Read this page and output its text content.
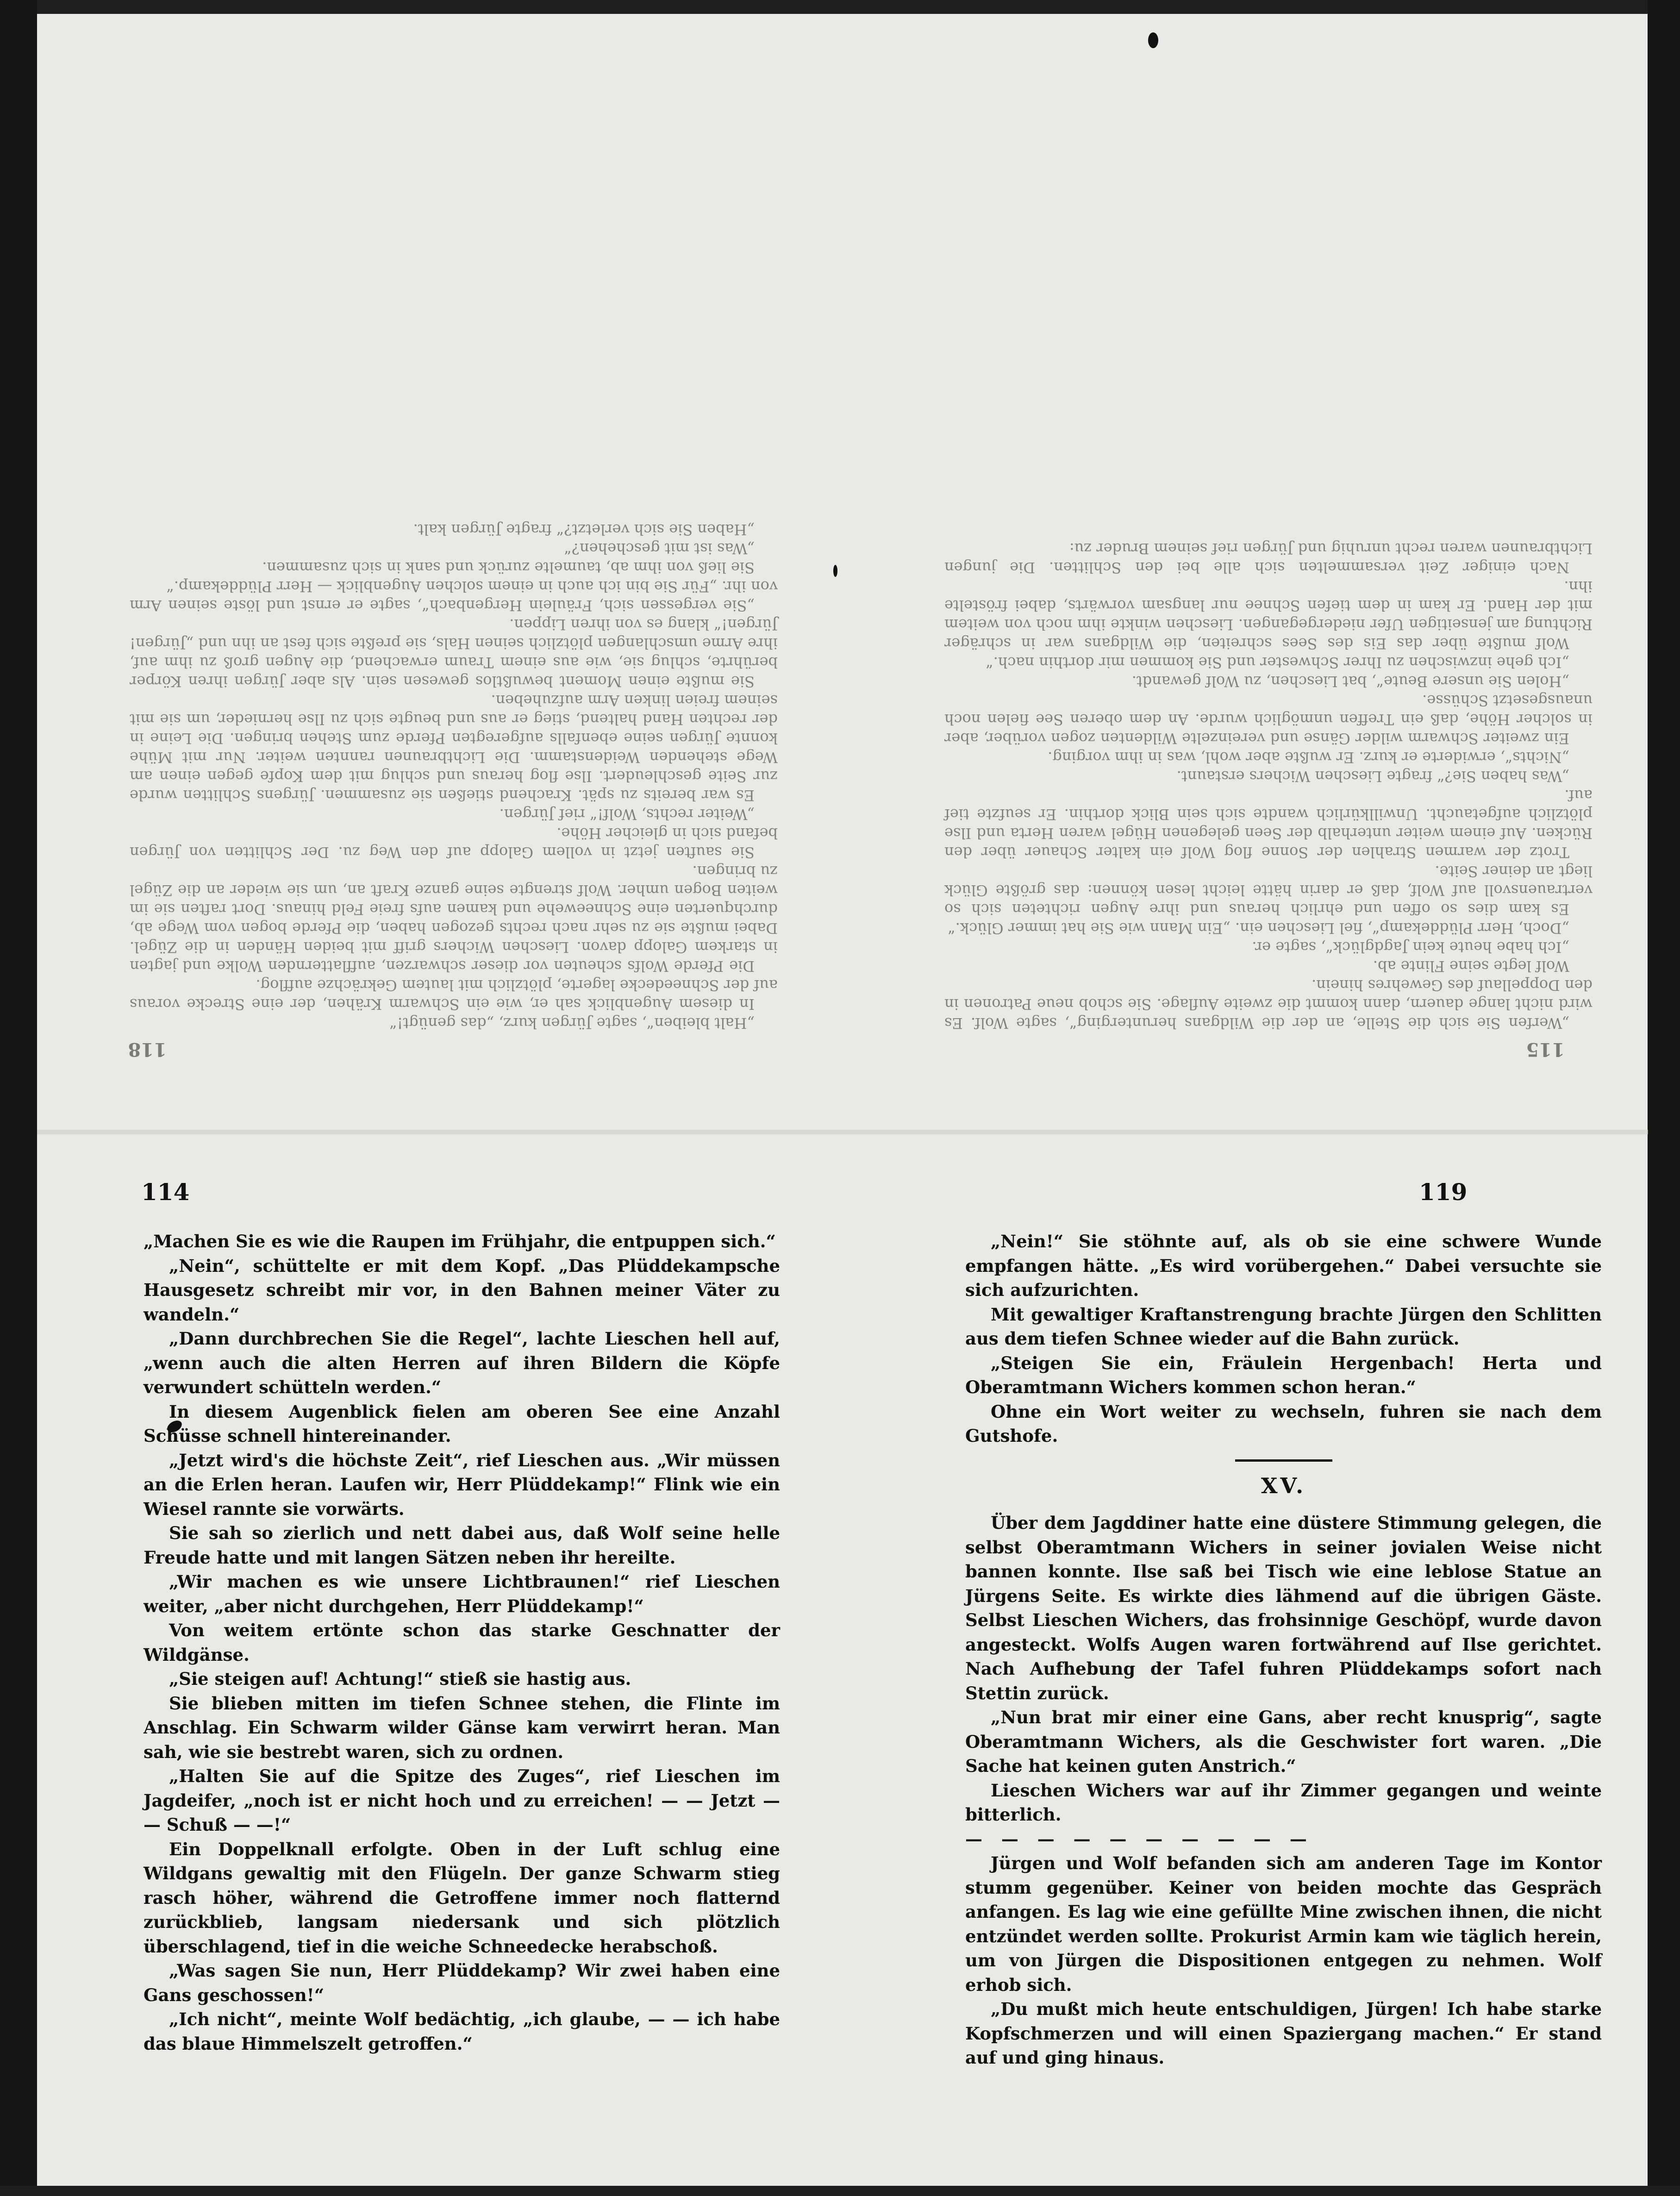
115
118

„Werfen Sie sich die Stelle, an der die Wildgans herunterging“, sagte Wolf. Es wird nicht lange dauern, dann kommt die zweite Auflage. Sie schob neue Patronen in den Doppellauf des Gewehres hinein.

Wolf legte seine Flinte ab.

„Ich habe heute kein Jagdglück“, sagte er.

„Doch, Herr Plüddekamp“, fiel Lieschen ein. „Ein Mann wie Sie hat immer Glück.“

Es kam dies so offen und ehrlich heraus und ihre Augen richteten sich so vertrauensvoll auf Wolf, daß er darin hätte leicht lesen können: das größte Glück liegt an deiner Seite.

Trotz der warmen Strahlen der Sonne flog Wolf ein kalter Schauer über den Rücken. Auf einem weiter unterhalb der Seen gelegenen Hügel waren Herta und Ilse plötzlich aufgetaucht. Unwillkürlich wandte sich sein Blick dorthin. Er seufzte tief auf.

„Was haben Sie?“ fragte Lieschen Wichers erstaunt.

„Nichts“, erwiderte er kurz. Er wußte aber wohl, was in ihm vorging.

Ein zweiter Schwarm wilder Gänse und vereinzelte Wildenten zogen vorüber, aber in solcher Höhe, daß ein Treffen unmöglich wurde. An dem oberen See fielen noch unausgesetzt Schüsse.

„Holen Sie unsere Beute“, bat Lieschen, zu Wolf gewandt.

„Ich gehe inzwischen zu Ihrer Schwester und Sie kommen mir dorthin nach.“

Wolf mußte über das Eis des Sees schreiten, die Wildgans war in schräger Richtung am jenseitigen Ufer niedergegangen. Lieschen winkte ihm noch von weitem mit der Hand. Er kam in dem tiefen Schnee nur langsam vorwärts, dabei fröstelte ihn.

Nach einiger Zeit versammelten sich alle bei den Schlitten. Die jungen Lichtbraunen waren recht unruhig und Jürgen rief seinem Bruder zu:

„Halt bleiben“, sagte Jürgen kurz, „das genügt!“

In diesem Augenblick sah er, wie ein Schwarm Krähen, der eine Strecke voraus auf der Schneedecke lagerte, plötzlich mit lautem Gekrächze aufflog.

Die Pferde Wolfs scheuten vor dieser schwarzen, aufflatternden Wolke und jagten in starkem Galopp davon. Lieschen Wichers griff mit beiden Händen in die Zügel. Dabei mußte sie zu sehr nach rechts gezogen haben, die Pferde bogen vom Wege ab, durchquerten eine Schneewehe und kamen aufs freie Feld hinaus. Dort raften sie im weiten Bogen umher. Wolf strengte seine ganze Kraft an, um sie wieder an die Zügel zu bringen.

Sie sauften jetzt in vollem Galopp auf den Weg zu. Der Schlitten von Jürgen befand sich in gleicher Höhe.

„Weiter rechts, Wolf!“ rief Jürgen.

Es war bereits zu spät. Krachend stießen sie zusammen. Jürgens Schlitten wurde zur Seite geschleudert. Ilse flog heraus und schlug mit dem Kopfe gegen einen am Wege stehenden Weidenstamm. Die Lichtbraunen rannten weiter. Nur mit Mühe konnte Jürgen seine ebenfalls aufgeregten Pferde zum Stehen bringen. Die Leine in der rechten Hand haltend, stieg er aus und beugte sich zu Ilse hernieder, um sie mit seinem freien linken Arm aufzuheben.

Sie mußte einen Moment bewußtlos gewesen sein. Als aber Jürgen ihren Körper berührte, schlug sie, wie aus einem Traum erwachend, die Augen groß zu ihm auf, ihre Arme umschlangen plötzlich seinen Hals, sie preßte sich fest an ihn und „Jürgen! Jürgen!“ klang es von ihren Lippen.

„Sie vergessen sich, Fräulein Hergenbach“, sagte er ernst und löste seinen Arm von ihr. „Für Sie bin ich auch in einem solchen Augenblick — Herr Plüddekamp.“

Sie ließ von ihm ab, taumelte zurück und sank in sich zusammen.

„Was ist mit geschehen?“

„Haben Sie sich verletzt?“ fragte Jürgen kalt.

114	119

„Machen Sie es wie die Raupen im Frühjahr, die entpuppen sich.“

„Nein“, schüttelte er mit dem Kopf. „Das Plüddekampsche Hausgesetz schreibt mir vor, in den Bahnen meiner Väter zu wandeln.“

„Dann durchbrechen Sie die Regel“, lachte Lieschen hell auf, „wenn auch die alten Herren auf ihren Bildern die Köpfe verwundert schütteln werden.“

In diesem Augenblick fielen am oberen See eine Anzahl Schüsse schnell hintereinander.

„Jetzt wird's die höchste Zeit“, rief Lieschen aus. „Wir müssen an die Erlen heran. Laufen wir, Herr Plüddekamp!“ Flink wie ein Wiesel rannte sie vorwärts.

Sie sah so zierlich und nett dabei aus, daß Wolf seine helle Freude hatte und mit langen Sätzen neben ihr hereilte.

„Wir machen es wie unsere Lichtbraunen!“ rief Lieschen weiter, „aber nicht durchgehen, Herr Plüddekamp!“

Von weitem ertönte schon das starke Geschnatter der Wildgänse.

„Sie steigen auf! Achtung!“ stieß sie hastig aus.

Sie blieben mitten im tiefen Schnee stehen, die Flinte im Anschlag. Ein Schwarm wilder Gänse kam verwirrt heran. Man sah, wie sie bestrebt waren, sich zu ordnen.

„Halten Sie auf die Spitze des Zuges“, rief Lieschen im Jagdeifer, „noch ist er nicht hoch und zu erreichen! — — Jetzt — — Schuß — —!“

Ein Doppelknall erfolgte. Oben in der Luft schlug eine Wildgans gewaltig mit den Flügeln. Der ganze Schwarm stieg rasch höher, während die Getroffene immer noch flatternd zurückblieb, langsam niedersank und sich plötzlich überschlagend, tief in die weiche Schneedecke herabschoß.

„Was sagen Sie nun, Herr Plüddekamp? Wir zwei haben eine Gans geschossen!“

„Ich nicht“, meinte Wolf bedächtig, „ich glaube, — — ich habe das blaue Himmelszelt getroffen.“

„Nein!“ Sie stöhnte auf, als ob sie eine schwere Wunde empfangen hätte. „Es wird vorübergehen.“ Dabei versuchte sie sich aufzurichten.

Mit gewaltiger Kraftanstrengung brachte Jürgen den Schlitten aus dem tiefen Schnee wieder auf die Bahn zurück.

„Steigen Sie ein, Fräulein Hergenbach! Herta und Oberamtmann Wichers kommen schon heran.“

Ohne ein Wort weiter zu wechseln, fuhren sie nach dem Gutshofe.

XV.

Über dem Jagddiner hatte eine düstere Stimmung gelegen, die selbst Oberamtmann Wichers in seiner jovialen Weise nicht bannen konnte. Ilse saß bei Tisch wie eine leblose Statue an Jürgens Seite. Es wirkte dies lähmend auf die übrigen Gäste. Selbst Lieschen Wichers, das frohsinnige Geschöpf, wurde davon angesteckt. Wolfs Augen waren fortwährend auf Ilse gerichtet. Nach Aufhebung der Tafel fuhren Plüddekamps sofort nach Stettin zurück.

„Nun brat mir einer eine Gans, aber recht knusprig“, sagte Oberamtmann Wichers, als die Geschwister fort waren. „Die Sache hat keinen guten Anstrich.“

Lieschen Wichers war auf ihr Zimmer gegangen und weinte bitterlich.

— — — — — — — — — —

Jürgen und Wolf befanden sich am anderen Tage im Kontor stumm gegenüber. Keiner von beiden mochte das Gespräch anfangen. Es lag wie eine gefüllte Mine zwischen ihnen, die nicht entzündet werden sollte. Prokurist Armin kam wie täglich herein, um von Jürgen die Dispositionen entgegen zu nehmen. Wolf erhob sich.

„Du mußt mich heute entschuldigen, Jürgen! Ich habe starke Kopfschmerzen und will einen Spaziergang machen.“ Er stand auf und ging hinaus.
